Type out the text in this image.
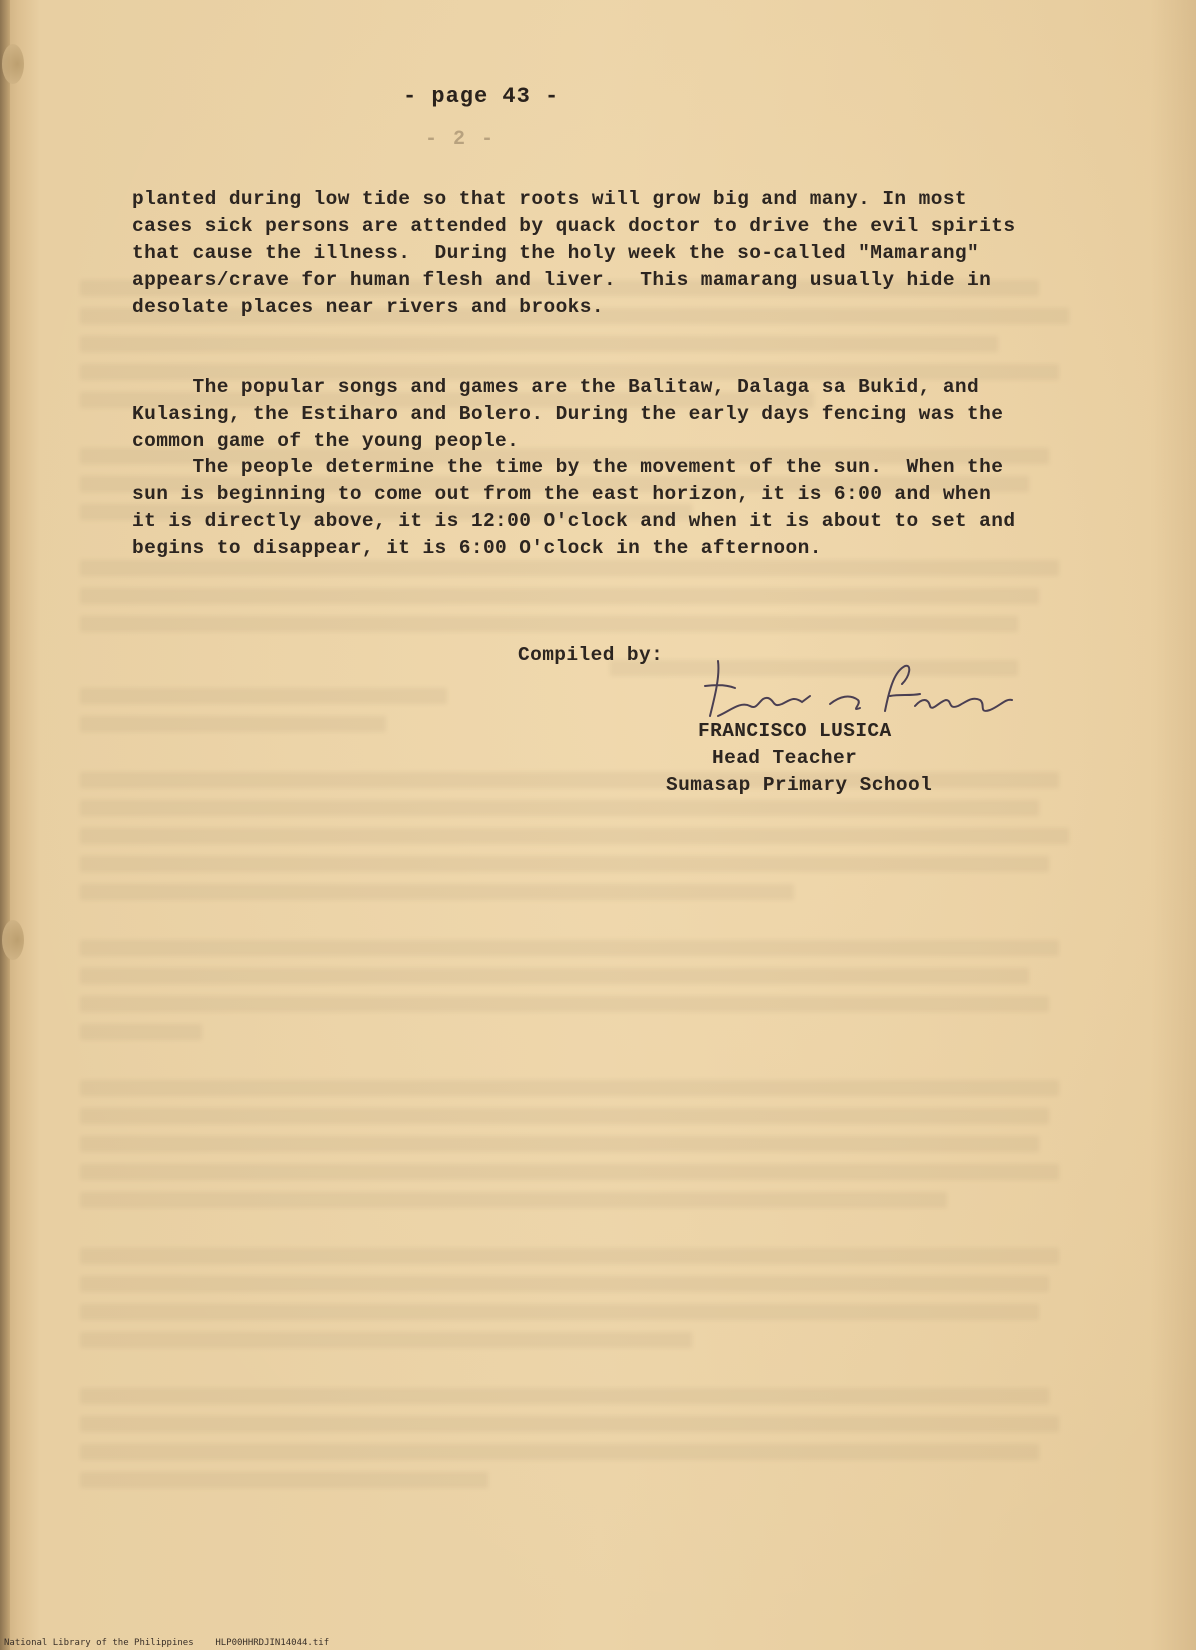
- 2 -
- page 43 -
planted during low tide so that roots will grow big and many. In most
cases sick persons are attended by quack doctor to drive the evil spirits
that cause the illness.  During the holy week the so-called "Mamarang"
appears/crave for human flesh and liver.  This mamarang usually hide in
desolate places near rivers and brooks.
The popular songs and games are the Balitaw, Dalaga sa Bukid, and
Kulasing, the Estiharo and Bolero. During the early days fencing was the
common game of the young people.
The people determine the time by the movement of the sun.  When the
sun is beginning to come out from the east horizon, it is 6:00 and when
it is directly above, it is 12:00 O'clock and when it is about to set and
begins to disappear, it is 6:00 O'clock in the afternoon.
Compiled by:
FRANCISCO LUSICA
Head Teacher
Sumasap Primary School
National Library of the Philippines    HLP00HHRDJIN14044.tif
